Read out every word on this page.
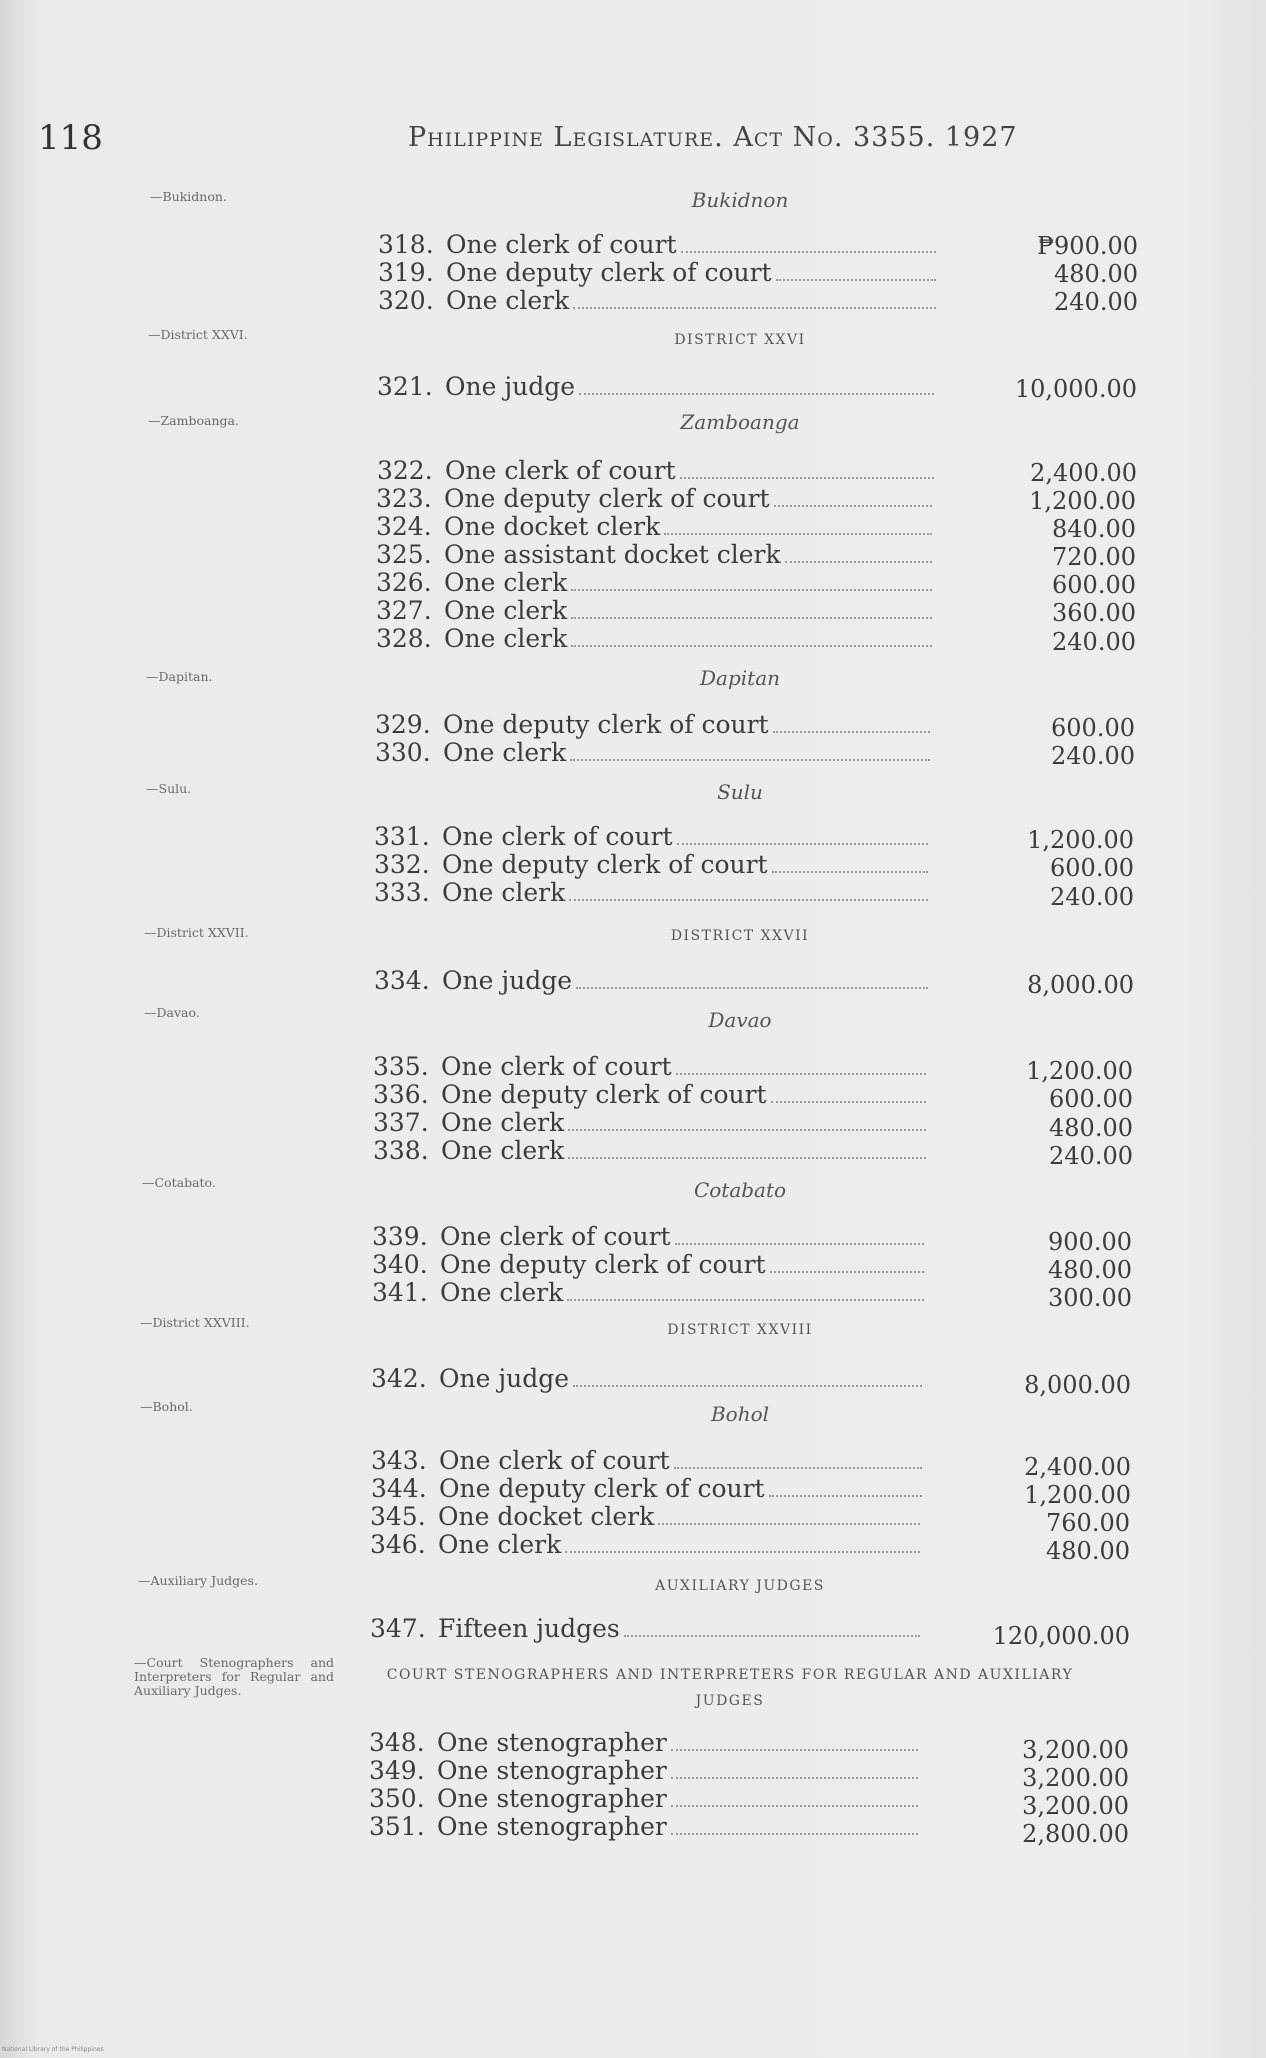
118	Philippine Legislature. Act No. 3355. 1927
—Bukidnon.
—District XXVI.
—Zamboanga.
—Dapitan.
—Sulu.
—District XXVII.
—Davao.
—Cotabato.
—District XXVIII.
—Bohol.
—Auxiliary Judges.
—Court Stenographers and Interpreters for Regular and Auxiliary Judges.
Bukidnon
DISTRICT XXVI
Zamboanga
Dapitan
Sulu
DISTRICT XXVII
Davao
Cotabato
DISTRICT XXVIII
Bohol
AUXILIARY JUDGES
COURT STENOGRAPHERS AND INTERPRETERS FOR REGULAR AND AUXILIARY JUDGES
318. One clerk of court	₱900.00
319. One deputy clerk of court	480.00
320. One clerk	240.00
321. One judge	10,000.00
322. One clerk of court	2,400.00
323. One deputy clerk of court	1,200.00
324. One docket clerk	840.00
325. One assistant docket clerk	720.00
326. One clerk	600.00
327. One clerk	360.00
328. One clerk	240.00
329. One deputy clerk of court	600.00
330. One clerk	240.00
331. One clerk of court	1,200.00
332. One deputy clerk of court	600.00
333. One clerk	240.00
334. One judge	8,000.00
335. One clerk of court	1,200.00
336. One deputy clerk of court	600.00
337. One clerk	480.00
338. One clerk	240.00
339. One clerk of court	900.00
340. One deputy clerk of court	480.00
341. One clerk	300.00
342. One judge	8,000.00
343. One clerk of court	2,400.00
344. One deputy clerk of court	1,200.00
345. One docket clerk	760.00
346. One clerk	480.00
347. Fifteen judges	120,000.00
348. One stenographer	3,200.00
349. One stenographer	3,200.00
350. One stenographer	3,200.00
351. One stenographer	2,800.00
National Library of the Philippines
